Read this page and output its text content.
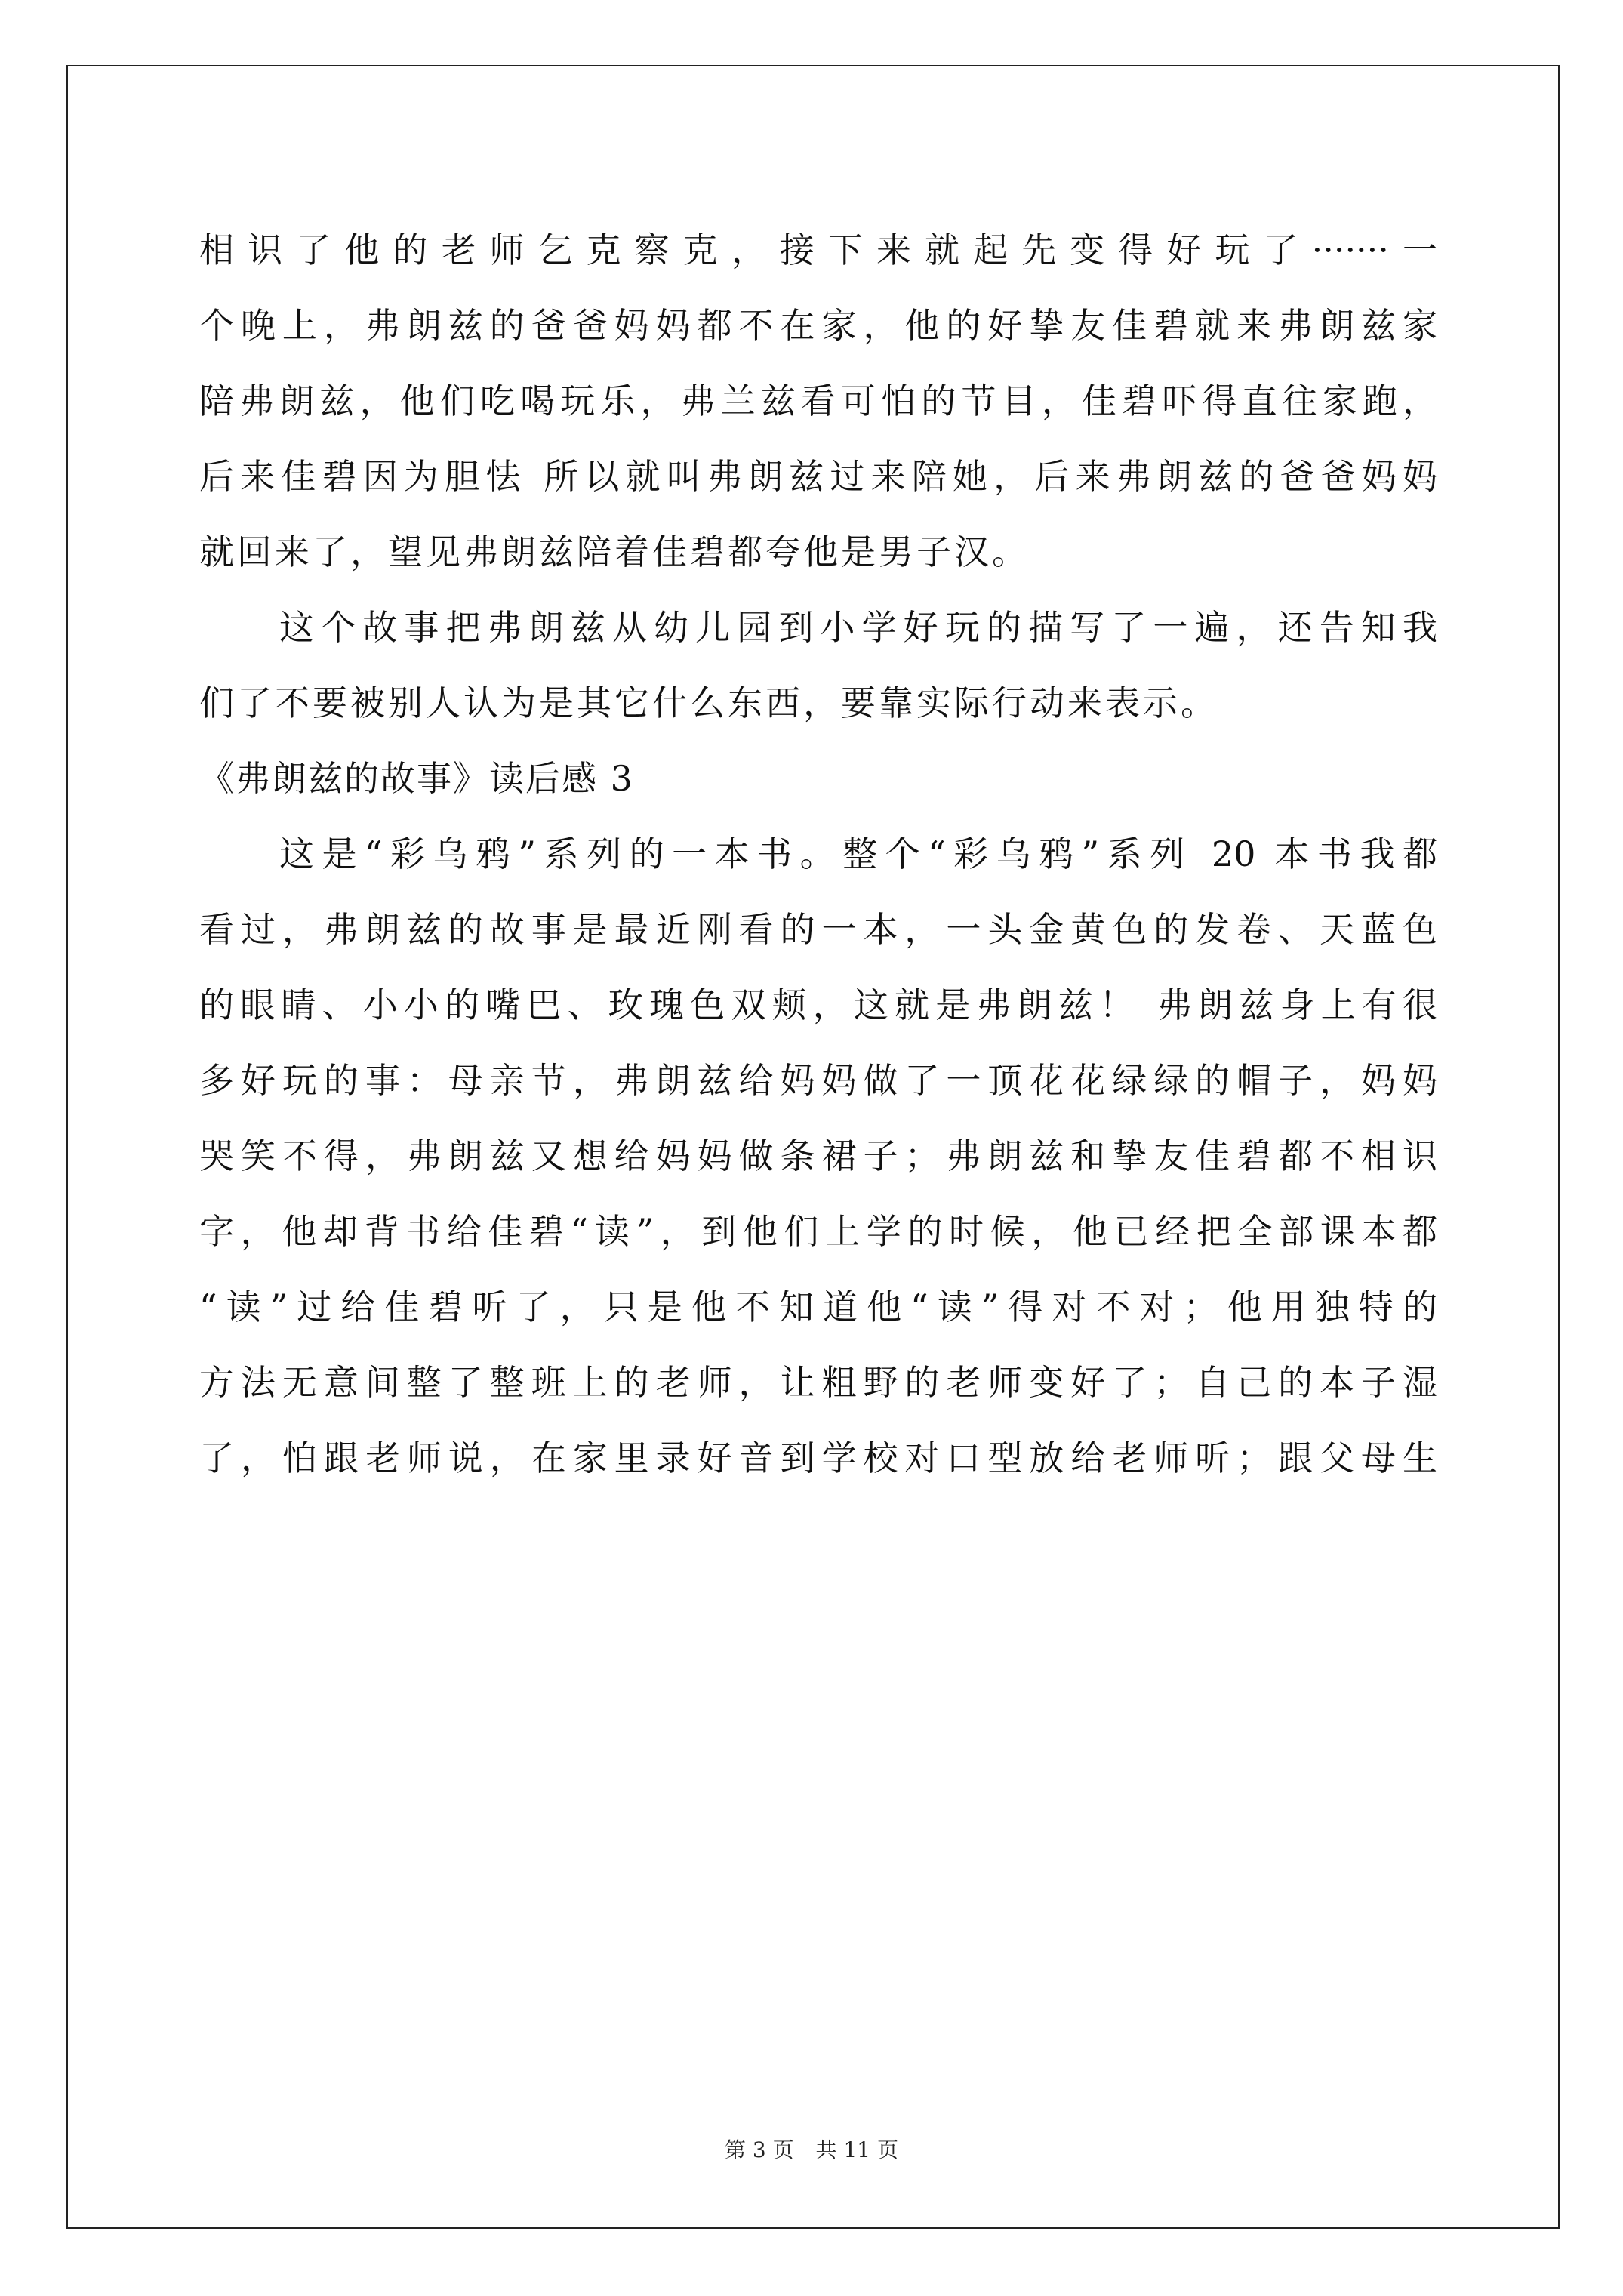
相识了他的老师乞克察克，接下来就起先变得好玩了·······一
个晚上，弗朗兹的爸爸妈妈都不在家，他的好挚友佳碧就来弗朗兹家
陪弗朗兹，他们吃喝玩乐，弗兰兹看可怕的节目，佳碧吓得直往家跑，
后来佳碧因为胆怯 所以就叫弗朗兹过来陪她，后来弗朗兹的爸爸妈妈
就回来了，望见弗朗兹陪着佳碧都夸他是男子汉。
这个故事把弗朗兹从幼儿园到小学好玩的描写了一遍，还告知我
们了不要被别人认为是其它什么东西，要靠实际行动来表示。
《弗朗兹的故事》读后感 3
这是“彩乌鸦”系列的一本书。整个“彩乌鸦”系列 20 本书我都
看过，弗朗兹的故事是最近刚看的一本，一头金黄色的发卷、天蓝色
的眼睛、小小的嘴巴、玫瑰色双颊，这就是弗朗兹！ 弗朗兹身上有很
多好玩的事：母亲节，弗朗兹给妈妈做了一顶花花绿绿的帽子，妈妈
哭笑不得，弗朗兹又想给妈妈做条裙子；弗朗兹和挚友佳碧都不相识
字，他却背书给佳碧“读”，到他们上学的时候，他已经把全部课本都
“读”过给佳碧听了，只是他不知道他“读”得对不对；他用独特的
方法无意间整了整班上的老师，让粗野的老师变好了；自己的本子湿
了，怕跟老师说，在家里录好音到学校对口型放给老师听；跟父母生
第 3 页 共 11 页
